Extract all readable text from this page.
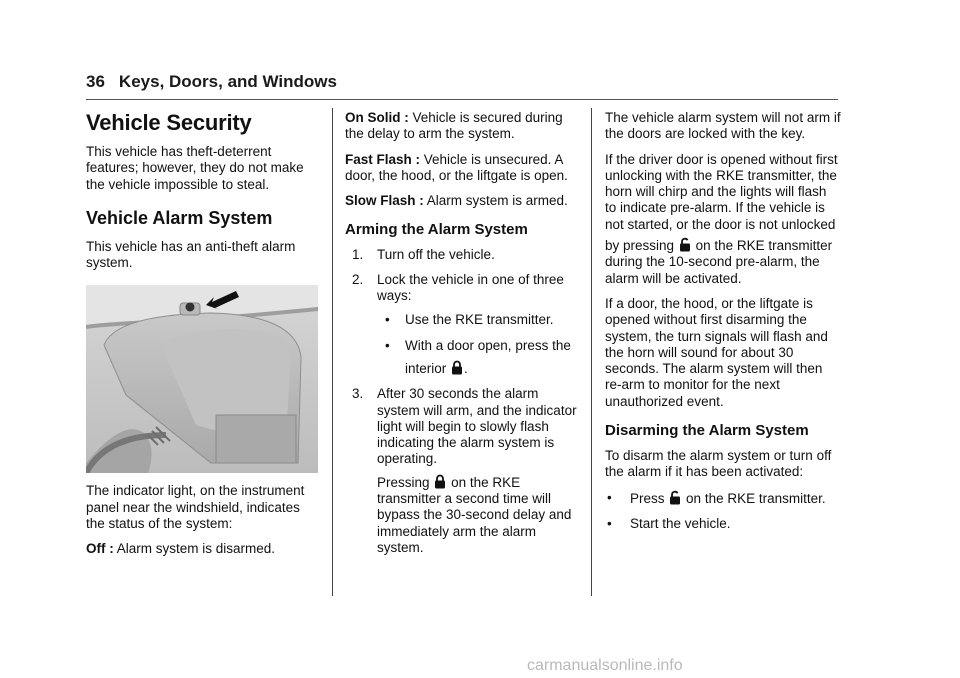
36 Keys, Doors, and Windows
Vehicle Security

This vehicle has theft-deterrent features; however, they do not make the vehicle impossible to steal.

Vehicle Alarm System

This vehicle has an anti-theft alarm system.

The indicator light, on the instrument panel near the windshield, indicates the status of the system:

Off : Alarm system is disarmed.

On Solid : Vehicle is secured during the delay to arm the system.

Fast Flash : Vehicle is unsecured. A door, the hood, or the liftgate is open.

Slow Flash : Alarm system is armed.

Arming the Alarm System
1. Turn off the vehicle.
2. Lock the vehicle in one of three ways:
• Use the RKE transmitter.
• With a door open, press the
interior .
3. After 30 seconds the alarm system will arm, and the indicator light will begin to slowly flash indicating the alarm system is operating.
Pressing on the RKE transmitter a second time will bypass the 30-second delay and immediately arm the alarm system.

The vehicle alarm system will not arm if the doors are locked with the key.

If the driver door is opened without first unlocking with the RKE transmitter, the horn will chirp and the lights will flash to indicate pre-alarm. If the vehicle is not started, or the door is not unlocked
by pressing on the RKE transmitter during the 10-second pre-alarm, the alarm will be activated.

If a door, the hood, or the liftgate is opened without first disarming the system, the turn signals will flash and the horn will sound for about 30 seconds. The alarm system will then re-arm to monitor for the next unauthorized event.

Disarming the Alarm System

To disarm the alarm system or turn off the alarm if it has been activated:

• Press on the RKE transmitter.
• Start the vehicle.
carmanualsonline.info
